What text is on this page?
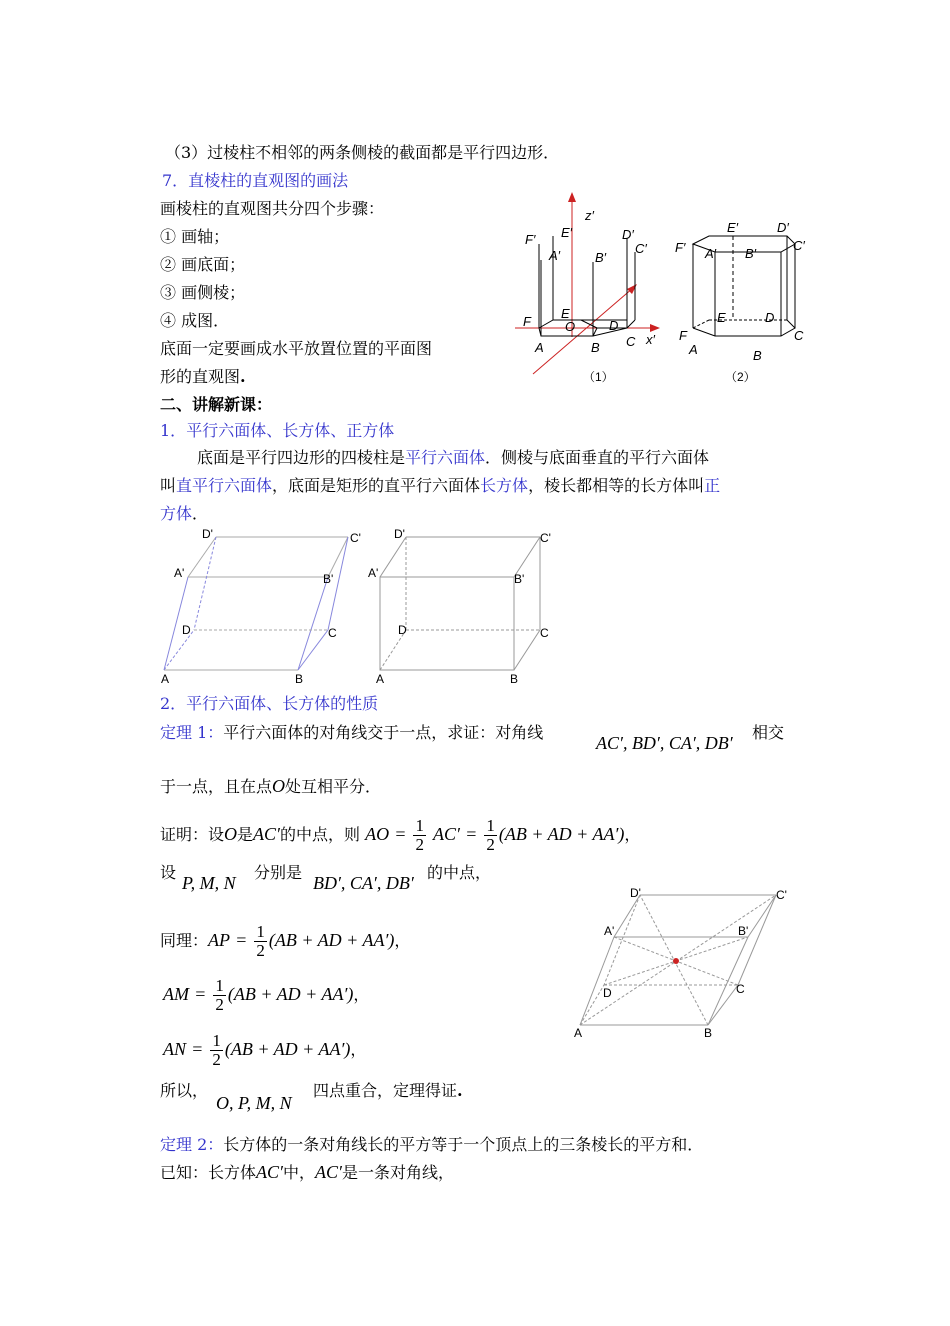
（3）过棱柱不相邻的两条侧棱的截面都是平行四边形．
7．直棱柱的直观图的画法
画棱柱的直观图共分四个步骤：
① 画轴；
② 画底面；
③ 画侧棱；
④ 成图．
底面一定要画成水平放置位置的平面图
形的直观图.
二、讲解新课：
1．平行六面体、长方体、正方体
底面是平行四边形的四棱柱是平行六面体．侧棱与底面垂直的平行六面体
叫直平行六面体，底面是矩形的直平行六面体长方体，棱长都相等的长方体叫正
方体．
2．平行六面体、长方体的性质
定理 1：平行六面体的对角线交于一点，求证：对角线
AC′, BD′, CA′, DB′
相交
于一点，且在点O处互相平分．
证明：设O是AC′的中点，则 AO = $\frac{1}{2} AC' = \frac{1}{2} (AB$ + AD + AA′)，
设
P, M, N
分别是
BD′, CA′, DB′
的中点，
同理：AP = $\frac{1}{2} (AB$ + AD + AA′)，
AM = $\frac{1}{2} (AB$ + AD + AA′)，
AN = $\frac{1}{2} (AB$ + AD + AA′)，
所以，
O, P, M, N
四点重合，定理得证.
定理 2：长方体的一条对角线长的平方等于一个顶点上的三条棱长的平方和．
已知：长方体AC′中，AC′是一条对角线，
F′ E′	D′
C′
A′	B′
z′
x′
F
E
O	D
A	B C
（1）
E′	D′
F′ A′ B′
C′
F
E	D
C
A	B
（2）
D'	C'
A'	B'
D	C
A	B
D'	C'
A'	B'
D	C
A	B
D'	C'
A'	B'
D	C
A	B
